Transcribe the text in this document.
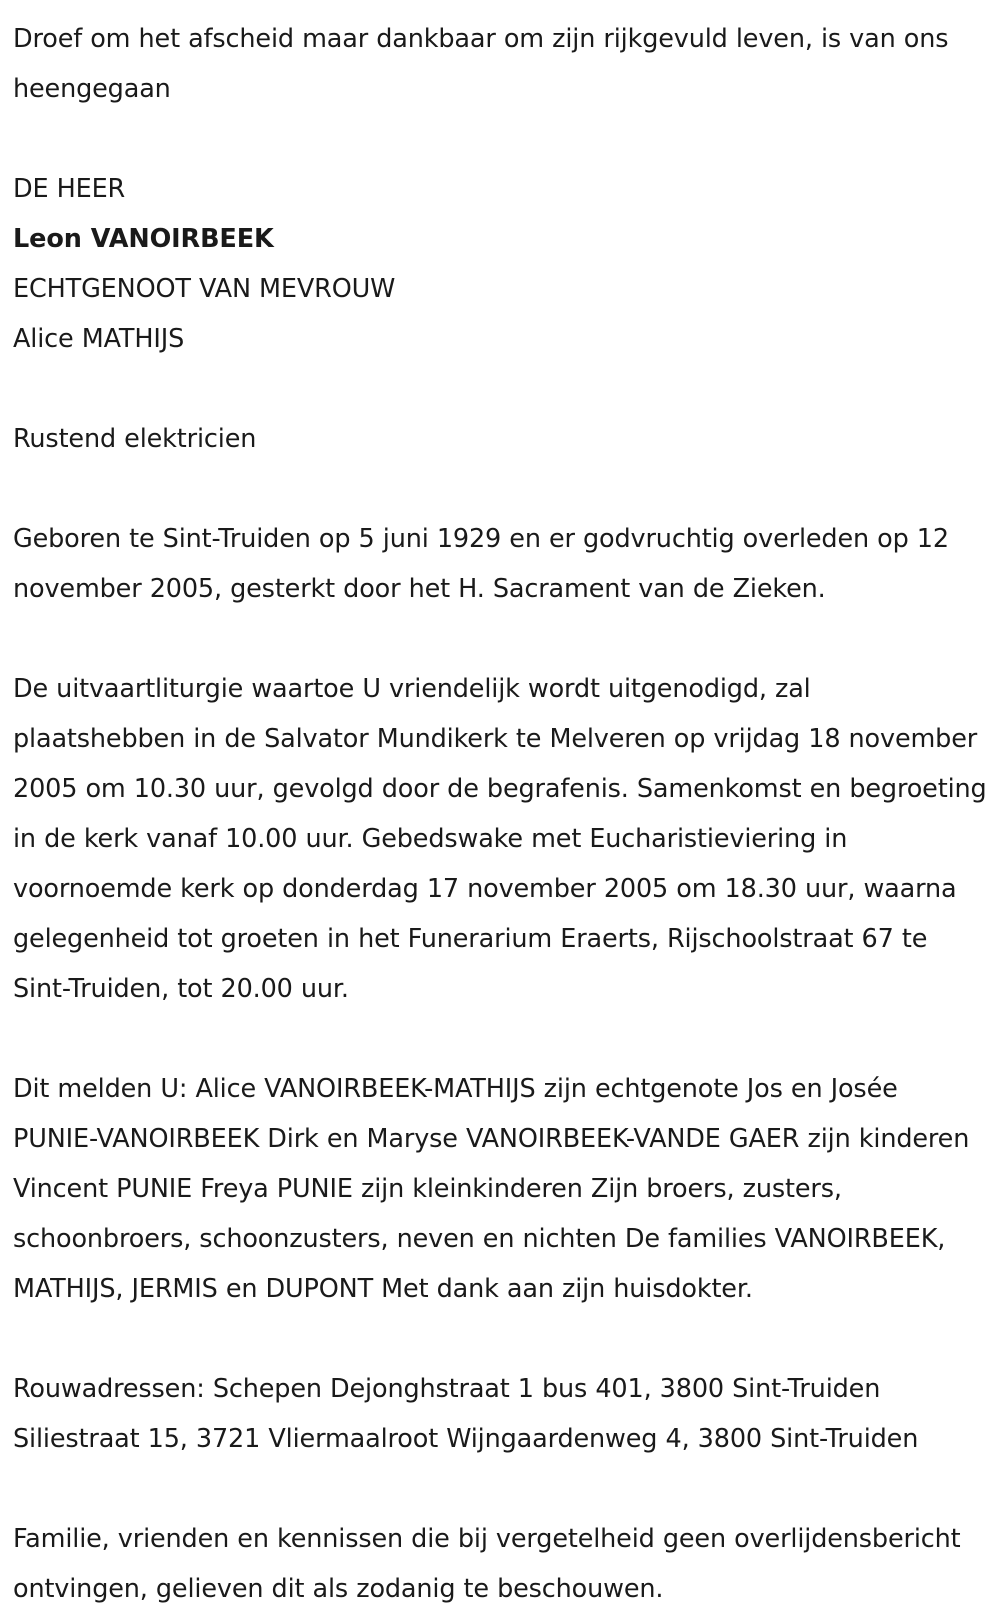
Droef om het afscheid maar dankbaar om zijn rijkgevuld leven, is van ons heengegaan

DE HEER
Leon VANOIRBEEK
ECHTGENOOT VAN MEVROUW
Alice MATHIJS

Rustend elektricien

Geboren te Sint-Truiden op 5 juni 1929 en er godvruchtig overleden op 12 november 2005, gesterkt door het H. Sacrament van de Zieken.

De uitvaartliturgie waartoe U vriendelijk wordt uitgenodigd, zal plaatshebben in de Salvator Mundikerk te Melveren op vrijdag 18 november 2005 om 10.30 uur, gevolgd door de begrafenis. Samenkomst en begroeting in de kerk vanaf 10.00 uur. Gebedswake met Eucharistieviering in voornoemde kerk op donderdag 17 november 2005 om 18.30 uur, waarna gelegenheid tot groeten in het Funerarium Eraerts, Rijschoolstraat 67 te Sint-Truiden, tot 20.00 uur.

Dit melden U: Alice VANOIRBEEK-MATHIJS zijn echtgenote Jos en Josée PUNIE-VANOIRBEEK Dirk en Maryse VANOIRBEEK-VANDE GAER zijn kinderen Vincent PUNIE Freya PUNIE zijn kleinkinderen Zijn broers, zusters, schoonbroers, schoonzusters, neven en nichten De families VANOIRBEEK, MATHIJS, JERMIS en DUPONT Met dank aan zijn huisdokter.

Rouwadressen: Schepen Dejonghstraat 1 bus 401, 3800 Sint-Truiden
Siliestraat 15, 3721 Vliermaalroot Wijngaardenweg 4, 3800 Sint-Truiden

Familie, vrienden en kennissen die bij vergetelheid geen overlijdensbericht ontvingen, gelieven dit als zodanig te beschouwen.
